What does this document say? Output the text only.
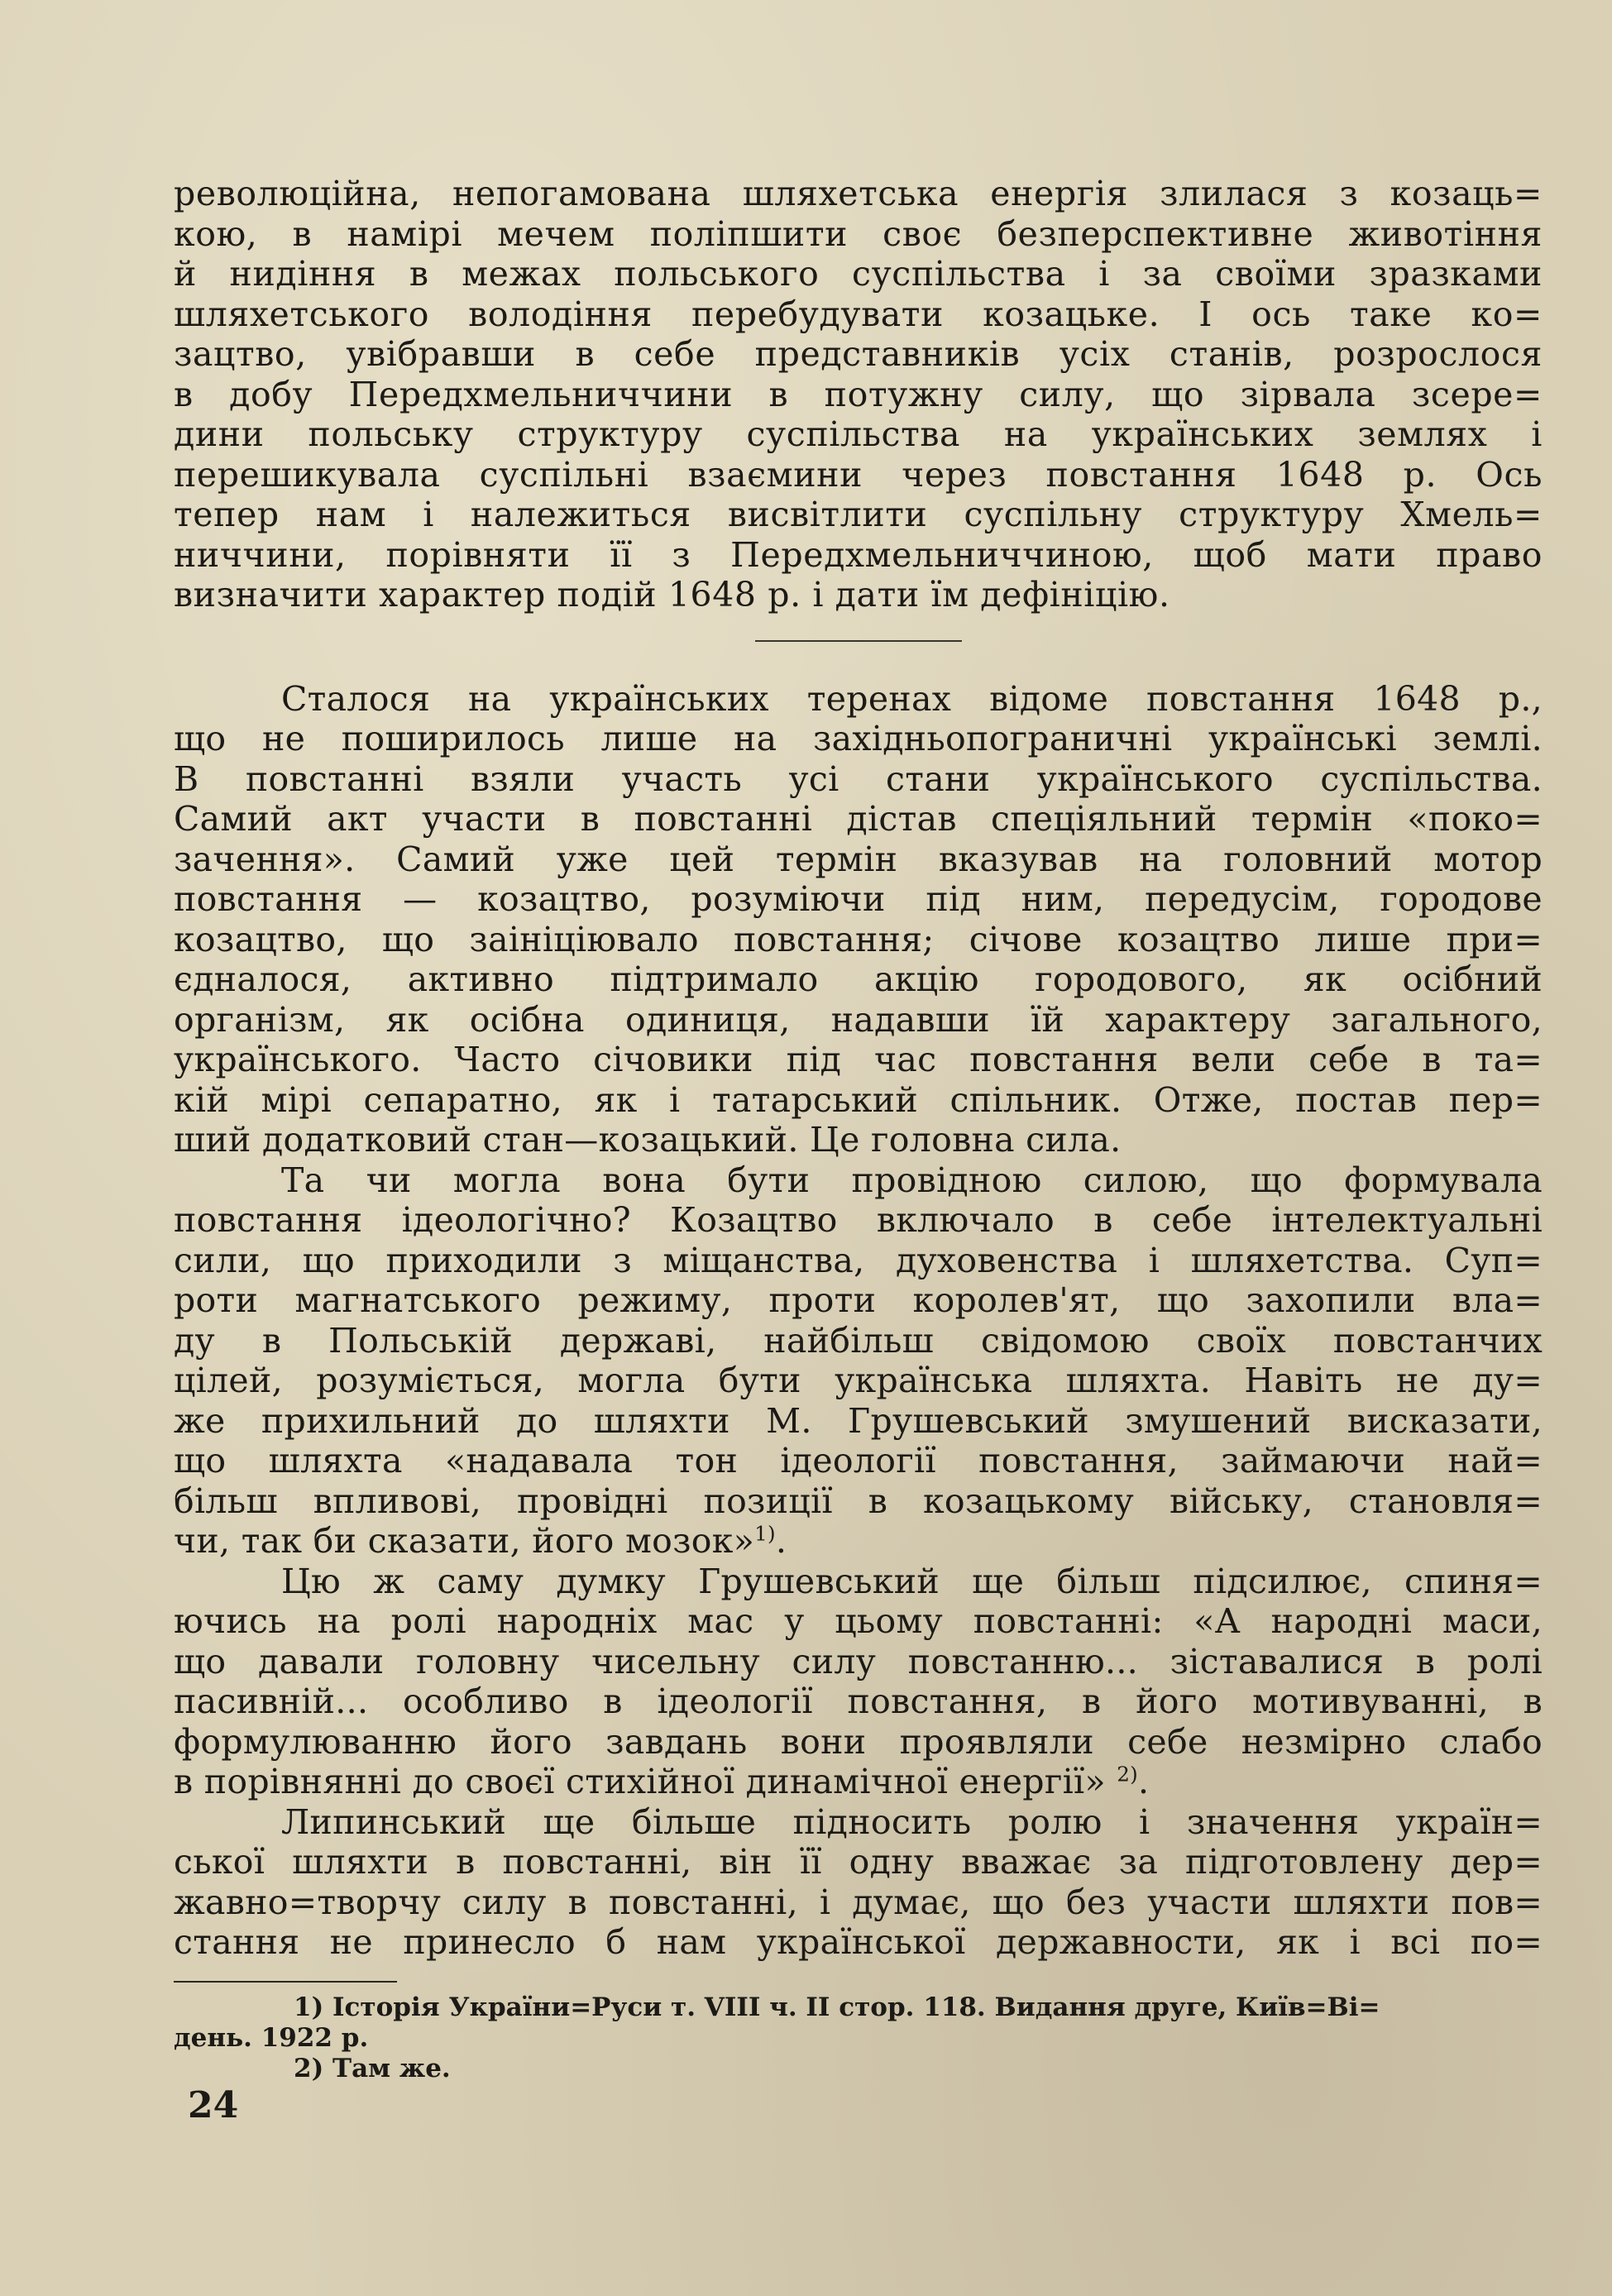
революційна, непогамована шляхетська енергія злилася з козаць=
кою, в намірі мечем поліпшити своє безперспективне животіння
й нидіння в межах польського суспільства і за своїми зразками
шляхетського володіння перебудувати козацьке. І ось таке ко=
зацтво, увібравши в себе представників усіх станів, розрослося
в добу Передхмельниччини в потужну силу, що зірвала зсере=
дини польську структуру суспільства на українських землях і
перешикувала суспільні взаємини через повстання 1648 р. Ось
тепер нам і належиться висвітлити суспільну структуру Хмель=
ниччини, порівняти її з Передхмельниччиною, щоб мати право
визначити характер подій 1648 р. і дати їм дефініцію.

Сталося на українських теренах відоме повстання 1648 р.,
що не поширилось лише на західньопограничні українські землі.
В повстанні взяли участь усі стани українського суспільства.
Самий акт участи в повстанні дістав спеціяльний термін «поко=
зачення». Самий уже цей термін вказував на головний мотор
повстання — козацтво, розуміючи під ним, передусім, городове
козацтво, що заініціювало повстання; січове козацтво лише при=
єдналося, активно підтримало акцію городового, як осібний
організм, як осібна одиниця, надавши їй характеру загального,
українського. Часто січовики під час повстання вели себе в та=
кій мірі сепаратно, як і татарський спільник. Отже, постав пер=
ший додатковий стан—козацький. Це головна сила.

Та чи могла вона бути провідною силою, що формувала
повстання ідеологічно? Козацтво включало в себе інтелектуальні
сили, що приходили з міщанства, духовенства і шляхетства. Суп=
роти магнатського режиму, проти королев'ят, що захопили вла=
ду в Польській державі, найбільш свідомою своїх повстанчих
цілей, розуміється, могла бути українська шляхта. Навіть не ду=
же прихильний до шляхти М. Грушевський змушений висказати,
що шляхта «надавала тон ідеології повстання, займаючи най=
більш впливові, провідні позиції в козацькому війську, становля=
чи, так би сказати, його мозок»$^{1)}$.

Цю ж саму думку Грушевський ще більш підсилює, спиня=
ючись на ролі народніх мас у цьому повстанні: «А народні маси,
що давали головну чисельну силу повстанню... зіставалися в ролі
пасивній... особливо в ідеології повстання, в його мотивуванні, в
формулюванню його завдань вони проявляли себе незмірно слабо
в порівнянні до своєї стихійної динамічної енергії» $^{2)}$.

Липинський ще більше підносить ролю і значення україн=
ської шляхти в повстанні, він її одну вважає за підготовлену дер=
жавно=творчу силу в повстанні, і думає, що без участи шляхти пов=
стання не принесло б нам української державности, як і всі по=

1) Історія України=Руси т. VIII ч. II стор. 118. Видання друге, Київ=Ві=

день. 1922 р.

2) Там же.

24
